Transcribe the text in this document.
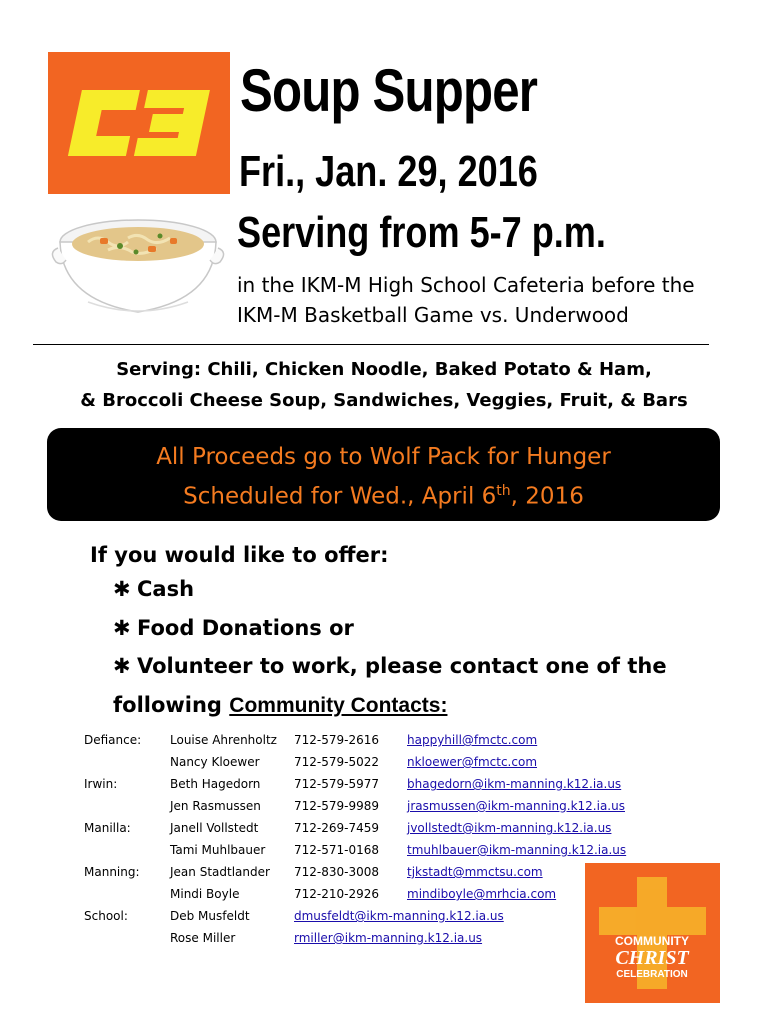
Soup Supper
Fri., Jan. 29, 2016
Serving from 5-7 p.m.
in the IKM-M High School Cafeteria before the
IKM-M Basketball Game vs. Underwood
Serving: Chili, Chicken Noodle, Baked Potato & Ham,
& Broccoli Cheese Soup, Sandwiches, Veggies, Fruit, & Bars
All Proceeds go to Wolf Pack for Hunger
Scheduled for Wed., April 6th, 2016
If you would like to offer:
✱ Cash
✱ Food Donations or
✱ Volunteer to work, please contact one of the
following Community Contacts:
Defiance:	Louise Ahrenholtz	712-579-2616	happyhill@fmctc.com
	Nancy Kloewer	712-579-5022	nkloewer@fmctc.com
Irwin:	Beth Hagedorn	712-579-5977	bhagedorn@ikm-manning.k12.ia.us
	Jen Rasmussen	712-579-9989	jrasmussen@ikm-manning.k12.ia.us
Manilla:	Janell Vollstedt	712-269-7459	jvollstedt@ikm-manning.k12.ia.us
	Tami Muhlbauer	712-571-0168	tmuhlbauer@ikm-manning.k12.ia.us
Manning:	Jean Stadtlander	712-830-3008	tjkstadt@mmctsu.com
	Mindi Boyle	712-210-2926	mindiboyle@mrhcia.com
School:	Deb Musfeldt	dmusfeldt@ikm-manning.k12.ia.us	
	Rose Miller	rmiller@ikm-manning.k12.ia.us		COMMUNITY
CHRIST
CELEBRATION
